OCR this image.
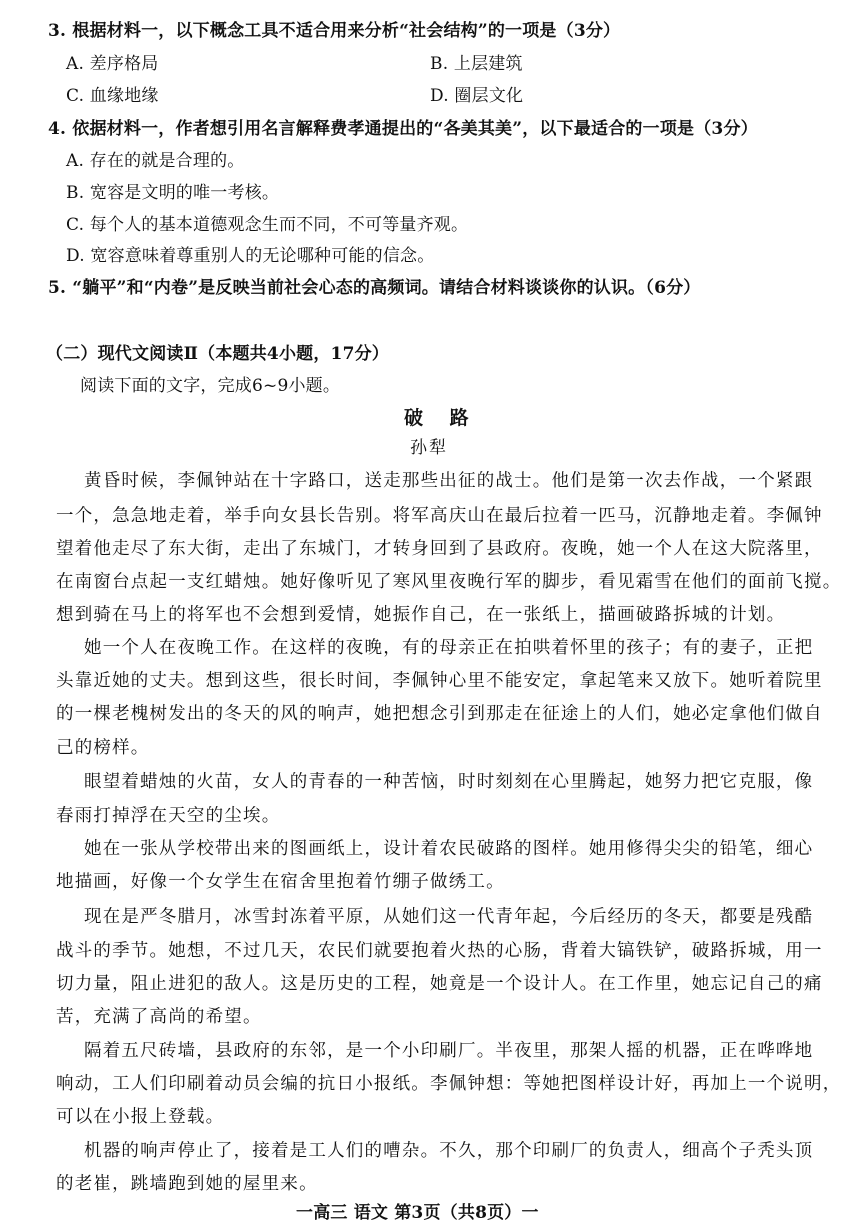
3. 根据材料一，以下概念工具不适合用来分析“社会结构”的一项是（3分）
A. 差序格局	B. 上层建筑
C. 血缘地缘	D. 圈层文化
4. 依据材料一，作者想引用名言解释费孝通提出的“各美其美”，以下最适合的一项是（3分）
A. 存在的就是合理的。
B. 宽容是文明的唯一考核。
C. 每个人的基本道德观念生而不同，不可等量齐观。
D. 宽容意味着尊重别人的无论哪种可能的信念。
5. “躺平”和“内卷”是反映当前社会心态的高频词。请结合材料谈谈你的认识。（6分）
（二）现代文阅读Ⅱ（本题共4小题，17分）
阅读下面的文字，完成6~9小题。
破 路
孙犁
黄昏时候，李佩钟站在十字路口，送走那些出征的战士。他们是第一次去作战，一个紧跟
一个，急急地走着，举手向女县长告别。将军高庆山在最后拉着一匹马，沉静地走着。李佩钟
望着他走尽了东大街，走出了东城门，才转身回到了县政府。夜晚，她一个人在这大院落里，
在南窗台点起一支红蜡烛。她好像听见了寒风里夜晚行军的脚步，看见霜雪在他们的面前飞搅。
想到骑在马上的将军也不会想到爱情，她振作自己，在一张纸上，描画破路拆城的计划。
她一个人在夜晚工作。在这样的夜晚，有的母亲正在拍哄着怀里的孩子；有的妻子，正把
头靠近她的丈夫。想到这些，很长时间，李佩钟心里不能安定，拿起笔来又放下。她听着院里
的一棵老槐树发出的冬天的风的响声，她把想念引到那走在征途上的人们，她必定拿他们做自
己的榜样。
眼望着蜡烛的火苗，女人的青春的一种苦恼，时时刻刻在心里腾起，她努力把它克服，像
春雨打掉浮在天空的尘埃。
她在一张从学校带出来的图画纸上，设计着农民破路的图样。她用修得尖尖的铅笔，细心
地描画，好像一个女学生在宿舍里抱着竹绷子做绣工。
现在是严冬腊月，冰雪封冻着平原，从她们这一代青年起，今后经历的冬天，都要是残酷
战斗的季节。她想，不过几天，农民们就要抱着火热的心肠，背着大镐铁铲，破路拆城，用一
切力量，阻止进犯的敌人。这是历史的工程，她竟是一个设计人。在工作里，她忘记自己的痛
苦，充满了高尚的希望。
隔着五尺砖墙，县政府的东邻，是一个小印刷厂。半夜里，那架人摇的机器，正在哗哗地
响动，工人们印刷着动员会编的抗日小报纸。李佩钟想：等她把图样设计好，再加上一个说明，
可以在小报上登载。
机器的响声停止了，接着是工人们的嘈杂。不久，那个印刷厂的负责人，细高个子秃头顶
的老崔，跳墙跑到她的屋里来。
一高三 语文 第3页（共8页）一
